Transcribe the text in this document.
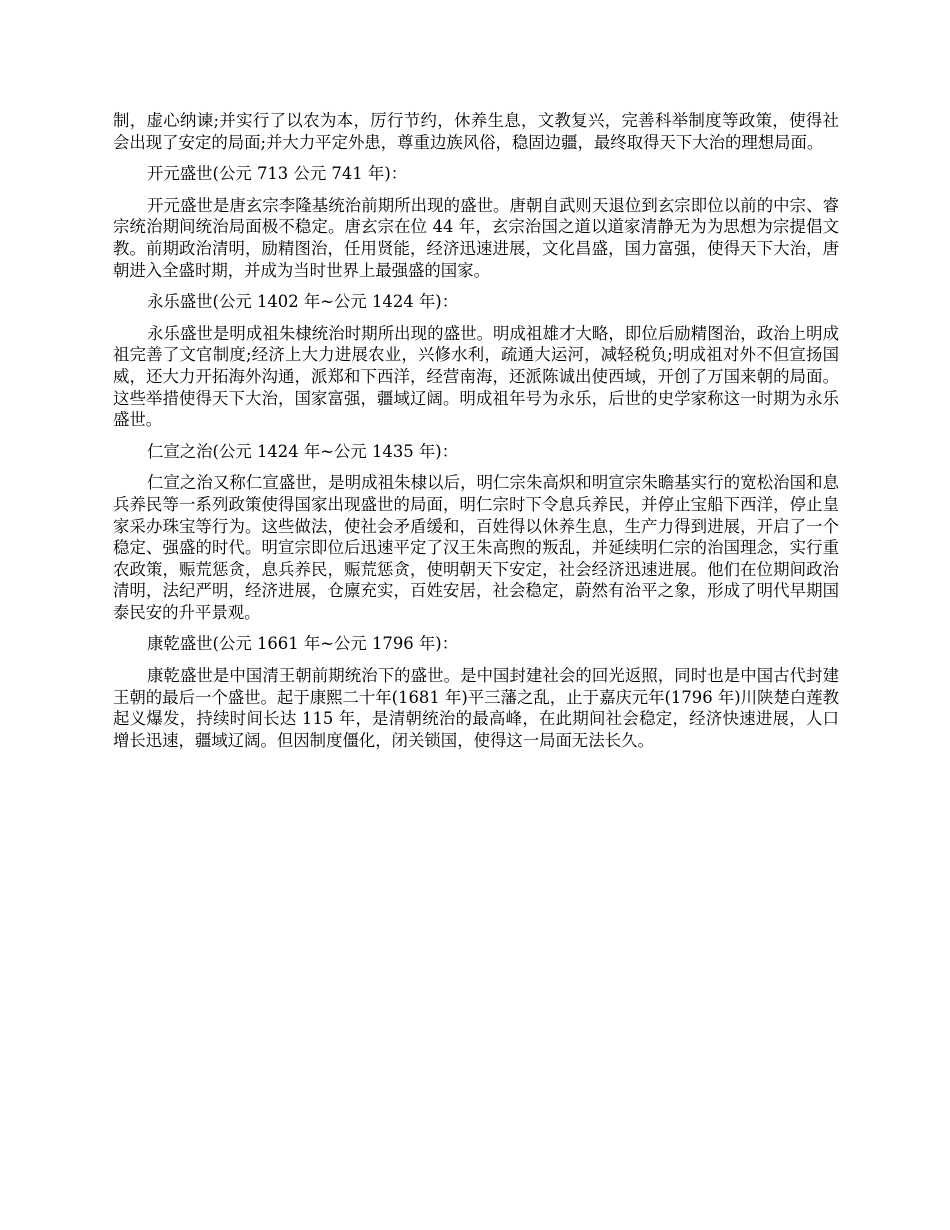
制，虚心纳谏;并实行了以农为本，厉行节约，休养生息，文教复兴，完善科举制度等政策，使得社会出现了安定的局面;并大力平定外患，尊重边族风俗，稳固边疆，最终取得天下大治的理想局面。

开元盛世(公元 713 公元 741 年)：

开元盛世是唐玄宗李隆基统治前期所出现的盛世。唐朝自武则天退位到玄宗即位以前的中宗、睿宗统治期间统治局面极不稳定。唐玄宗在位 44 年，玄宗治国之道以道家清静无为为思想为宗提倡文教。前期政治清明，励精图治，任用贤能，经济迅速进展，文化昌盛，国力富强，使得天下大治，唐朝进入全盛时期，并成为当时世界上最强盛的国家。

永乐盛世(公元 1402 年~公元 1424 年)：

永乐盛世是明成祖朱棣统治时期所出现的盛世。明成祖雄才大略，即位后励精图治，政治上明成祖完善了文官制度;经济上大力进展农业，兴修水利，疏通大运河，减轻税负;明成祖对外不但宣扬国威，还大力开拓海外沟通，派郑和下西洋，经营南海，还派陈诚出使西域，开创了万国来朝的局面。这些举措使得天下大治，国家富强，疆域辽阔。明成祖年号为永乐，后世的史学家称这一时期为永乐盛世。

仁宣之治(公元 1424 年~公元 1435 年)：

仁宣之治又称仁宣盛世，是明成祖朱棣以后，明仁宗朱高炽和明宣宗朱瞻基实行的宽松治国和息兵养民等一系列政策使得国家出现盛世的局面，明仁宗时下令息兵养民，并停止宝船下西洋，停止皇家采办珠宝等行为。这些做法，使社会矛盾缓和，百姓得以休养生息，生产力得到进展，开启了一个稳定、强盛的时代。明宣宗即位后迅速平定了汉王朱高煦的叛乱，并延续明仁宗的治国理念，实行重农政策，赈荒惩贪，息兵养民，赈荒惩贪，使明朝天下安定，社会经济迅速进展。他们在位期间政治清明，法纪严明，经济进展，仓廪充实，百姓安居，社会稳定，蔚然有治平之象，形成了明代早期国泰民安的升平景观。

康乾盛世(公元 1661 年~公元 1796 年)：

康乾盛世是中国清王朝前期统治下的盛世。是中国封建社会的回光返照，同时也是中国古代封建王朝的最后一个盛世。起于康熙二十年(1681 年)平三藩之乱，止于嘉庆元年(1796 年)川陕楚白莲教起义爆发，持续时间长达 115 年，是清朝统治的最高峰，在此期间社会稳定，经济快速进展，人口增长迅速，疆域辽阔。但因制度僵化，闭关锁国，使得这一局面无法长久。
